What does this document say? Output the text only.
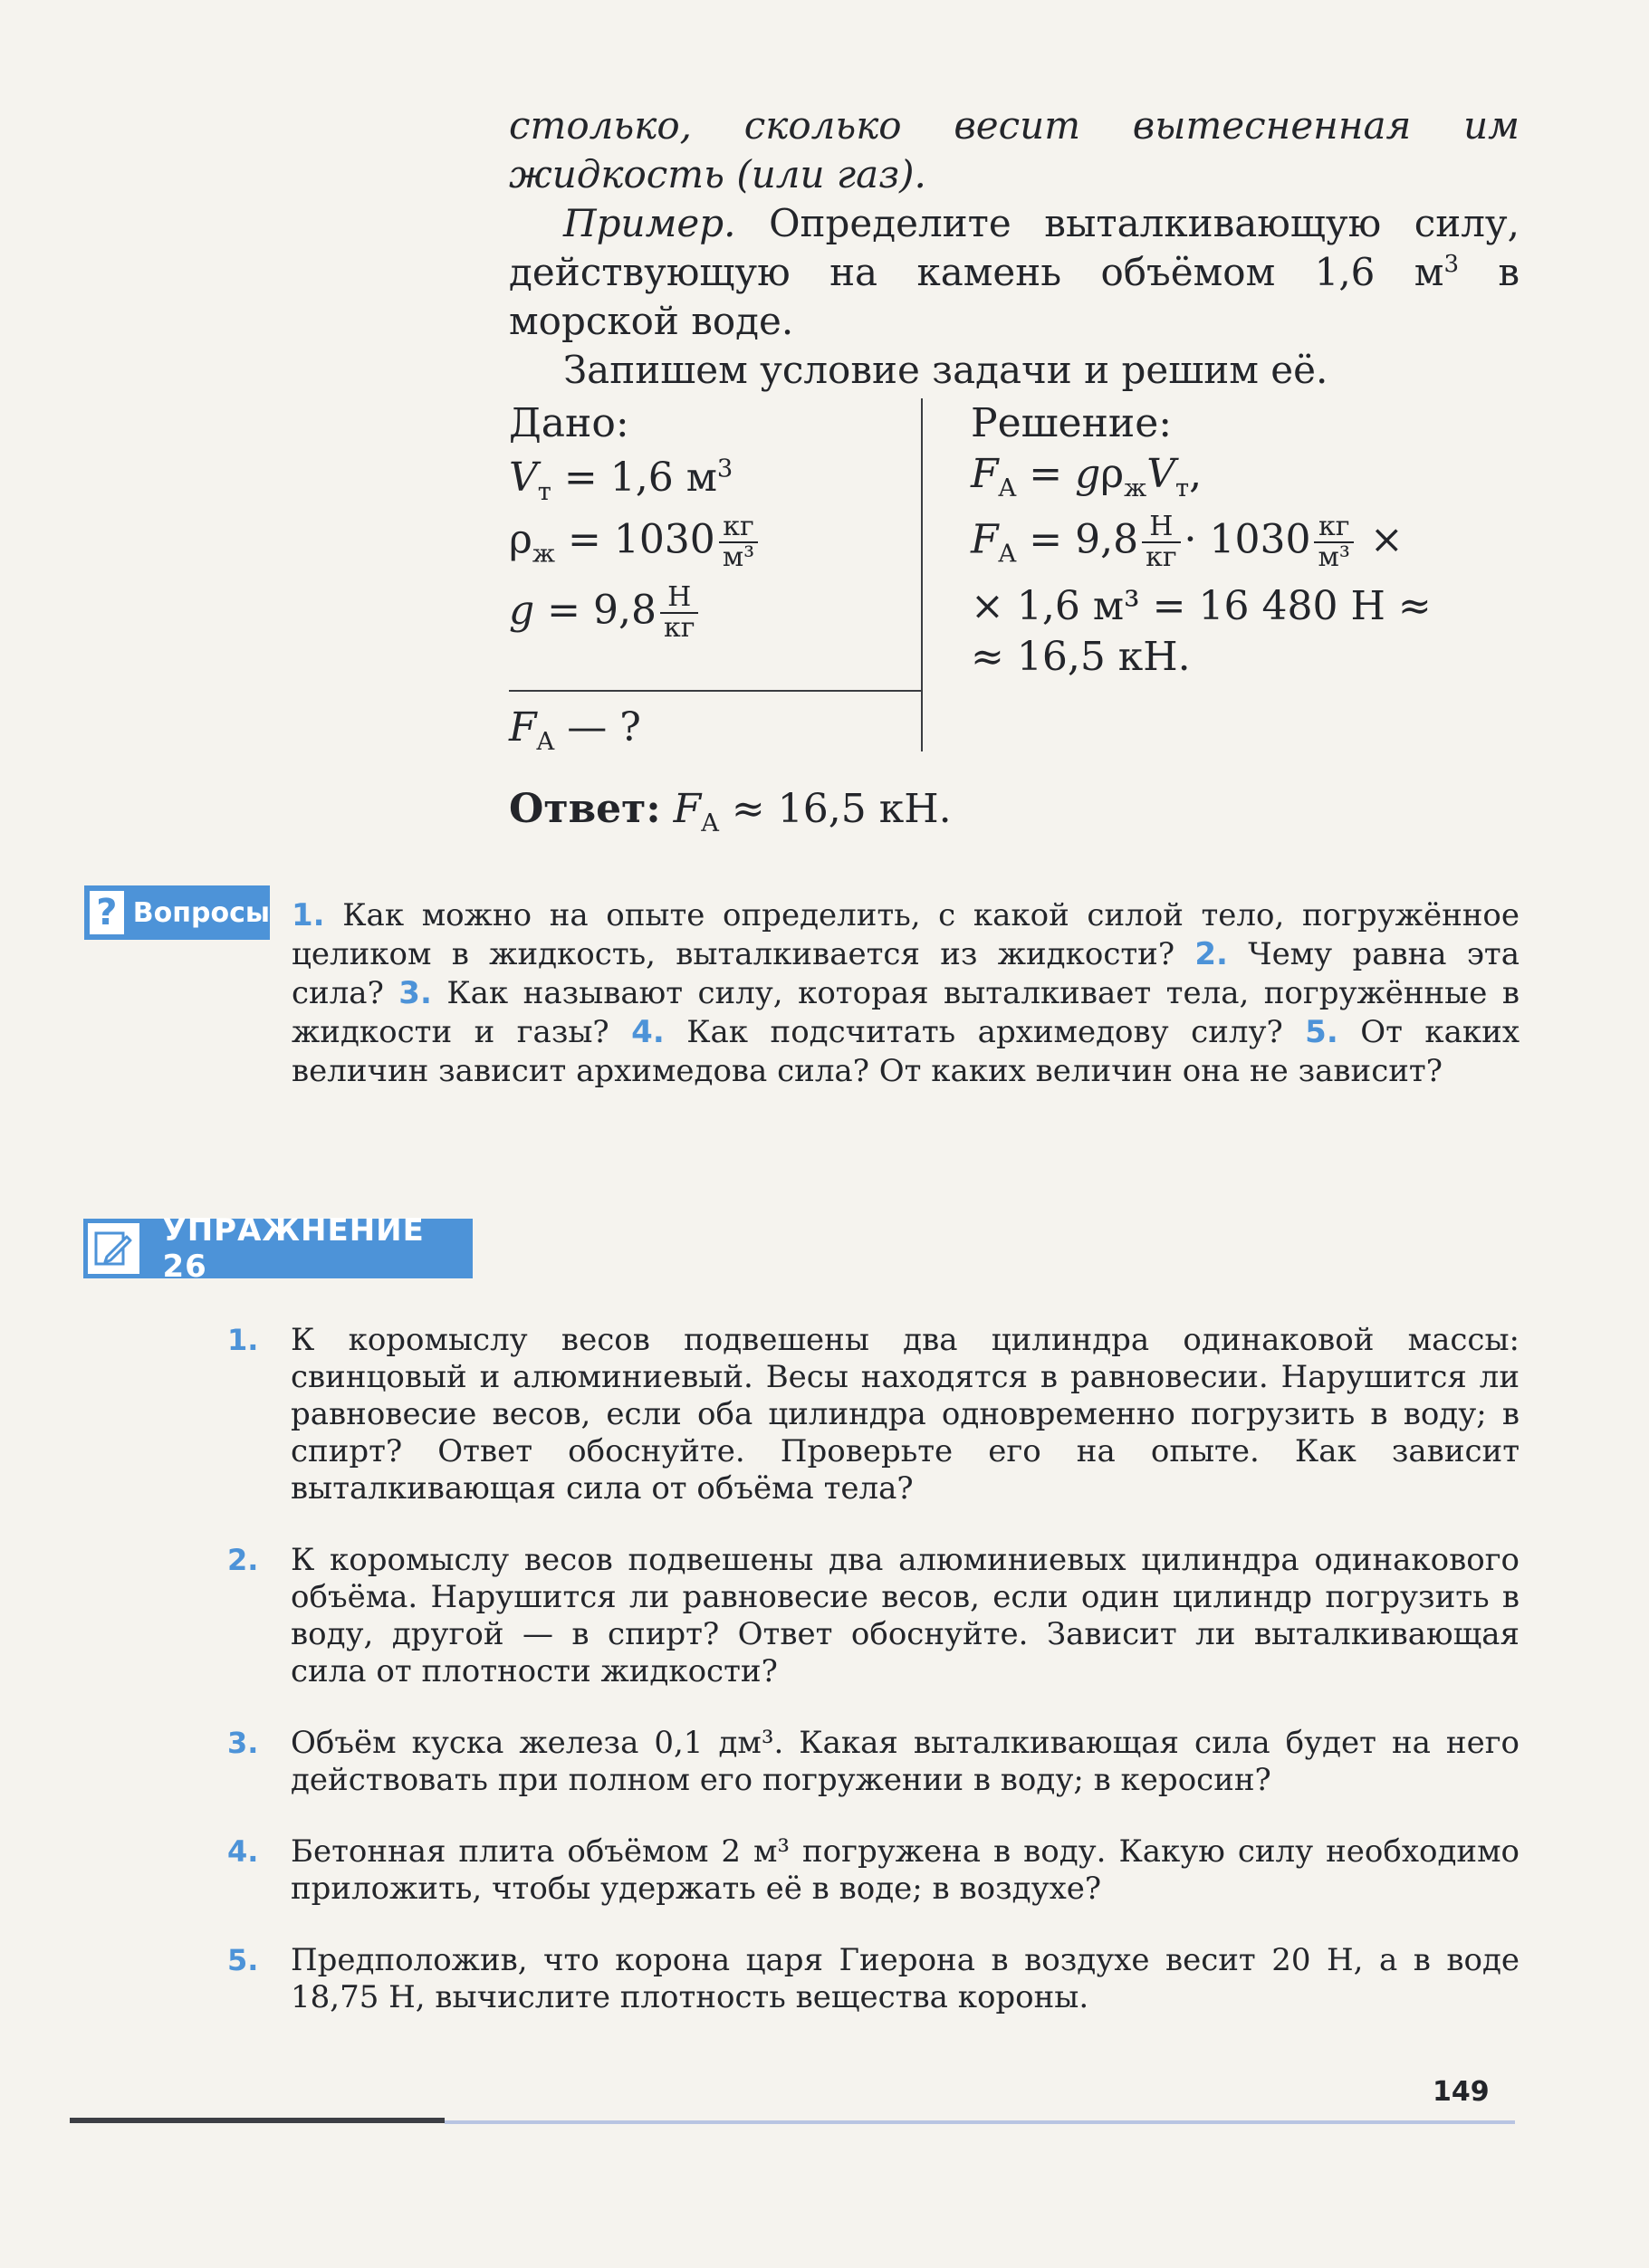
столько, сколько весит вытесненная им жидкость (или газ).

Пример. Определите выталкивающую силу, действующую на камень объёмом 1,6 $м^3$ в морской воде.

Запишем условие задачи и решим её.

Дано:
$V_т = 1,6$ $м^3$
$\rho_ж = 1030 \frac{кг}{\text{м³}}$
$g = 9,8 \frac{Н}{кг}$
$F_A$ — ?
Решение:
$F_A = g\rho_жV_т$,
$F_A = 9,8 \frac{Н}{кг} \cdot 1030 \frac{кг}{\text{м³}}$ ×
× 1,6 м³ = 16 480 Н ≈
≈ 16,5 кН.
Ответ: $F_A \approx 16,5$ кН.
? Вопросы 1. Как можно на опыте определить, с какой силой тело, погружённое целиком в жидкость, выталкивается из жидкости? 2. Чему равна эта сила? 3. Как называют силу, которая выталкивает тела, погружённые в жидкости и газы? 4. Как подсчитать архимедову силу? 5. От каких величин зависит архимедова сила? От каких величин она не зависит?
УПРАЖНЕНИЕ 26
1. К коромыслу весов подвешены два цилиндра одинаковой массы: свинцовый и алюминиевый. Весы находятся в равновесии. Нарушится ли равновесие весов, если оба цилиндра одновременно погрузить в воду; в спирт? Ответ обоснуйте. Проверьте его на опыте. Как зависит выталкивающая сила от объёма тела?
2. К коромыслу весов подвешены два алюминиевых цилиндра одинакового объёма. Нарушится ли равновесие весов, если один цилиндр погрузить в воду, другой — в спирт? Ответ обоснуйте. Зависит ли выталкивающая сила от плотности жидкости?
3. Объём куска железа 0,1 дм³. Какая выталкивающая сила будет на него действовать при полном его погружении в воду; в керосин?
4. Бетонная плита объёмом 2 м³ погружена в воду. Какую силу необходимо приложить, чтобы удержать её в воде; в воздухе?
5. Предположив, что корона царя Гиерона в воздухе весит 20 Н, а в воде 18,75 Н, вычислите плотность вещества короны.
149
